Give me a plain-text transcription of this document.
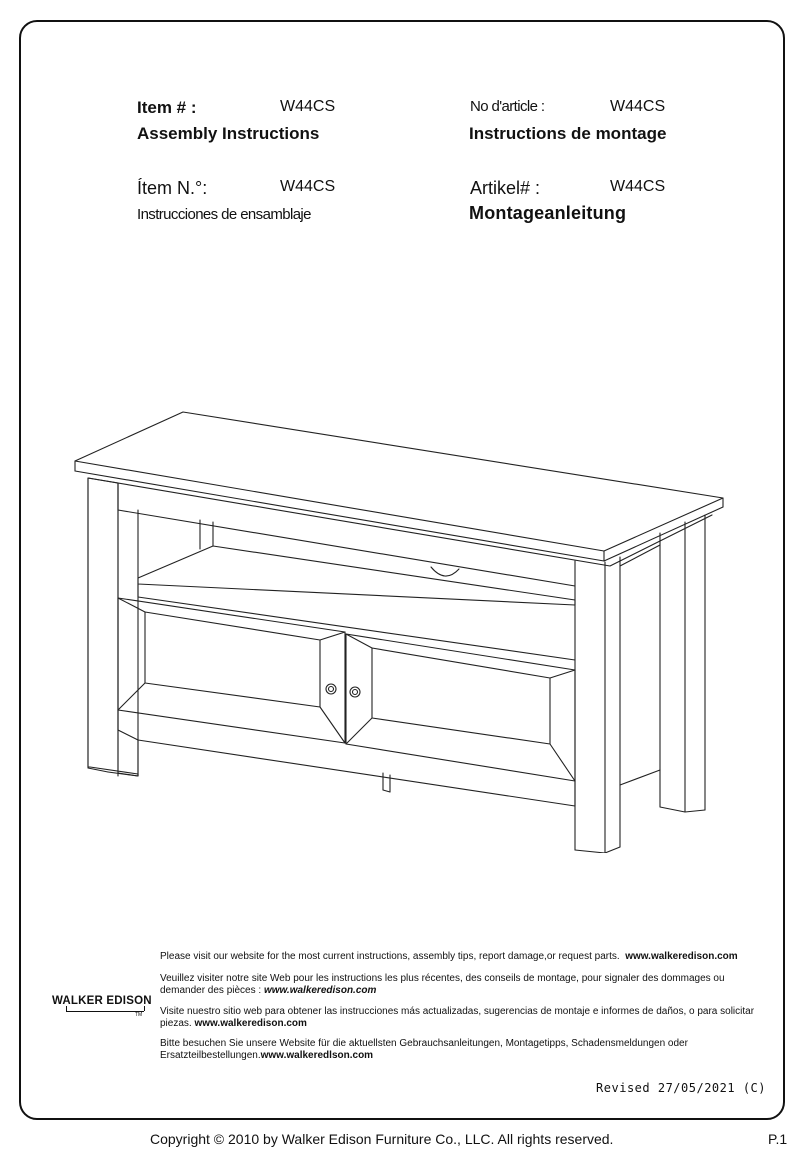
Item # :	W44CS
Assembly Instructions
No d'article :	W44CS
Instructions de montage
Ítem N.°:	W44CS
Instrucciones de ensamblaje
Artikel# :	W44CS
Montageanleitung
Please visit our website for the most current instructions, assembly tips, report damage,or request parts. www.walkeredison.com
Veuillez visiter notre site Web pour les instructions les plus récentes, des conseils de montage, pour signaler des dommages ou demander des pièces : www.walkeredison.com
Visite nuestro sitio web para obtener las instrucciones más actualizadas, sugerencias de montaje e informes de daños, o para solicitar piezas. www.walkeredison.com
Bitte besuchen Sie unsere Website für die aktuellsten Gebrauchsanleitungen, Montagetipps, Schadensmeldungen oder Ersatzteilbestellungen.www.walkeredlson.com
WALKER EDISON
TM
Revised 27/05/2021 (C)
Copyright © 2010 by Walker Edison Furniture Co., LLC. All rights reserved.	P.1
